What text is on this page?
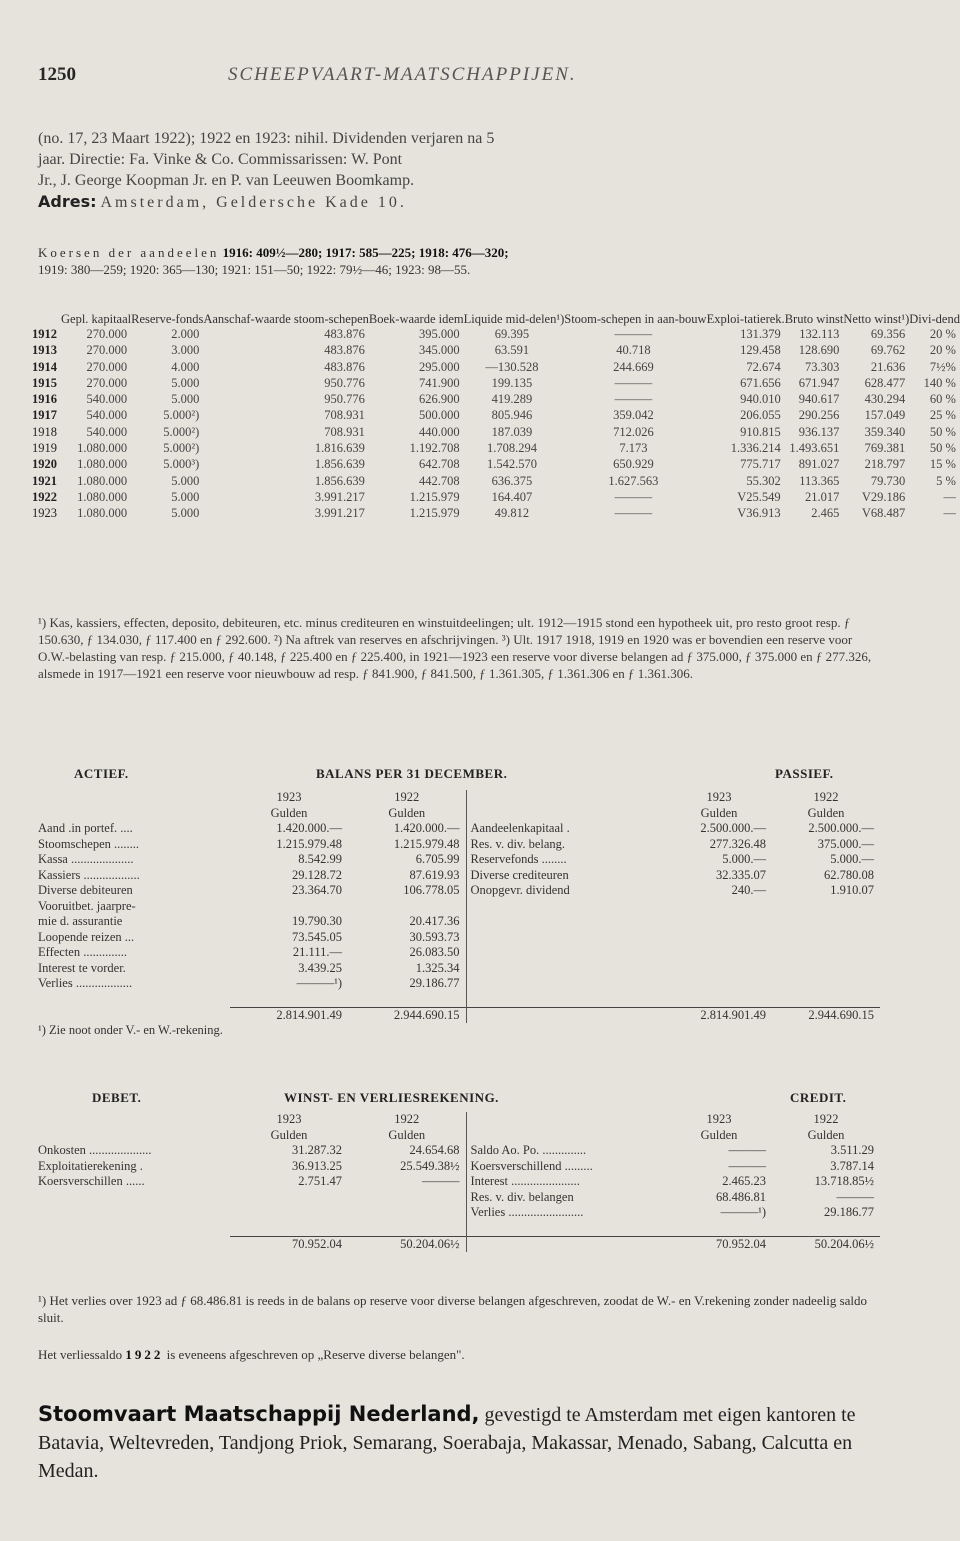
1250	SCHEEPVAART-MAATSCHAPPIJEN.
(no. 17, 23 Maart 1922); 1922 en 1923: nihil. Dividenden verjaren na 5
jaar. Directie: Fa. Vinke & Co. Commissarissen: W. Pont
Jr., J. George Koopman Jr. en P. van Leeuwen Boomkamp.
Adres: Amsterdam, Geldersche Kade 10.
Koersen der aandeelen 1916: 409½—280; 1917: 585—225; 1918: 476—320;
1919: 380—259; 1920: 365—130; 1921: 151—50; 1922: 79½—46; 1923: 98—55.
	Gepl. kapitaal	Reserve-fonds	Aanschaf-waarde stoom-schepen	Boek-waarde idem	Liquide mid-delen¹)	Stoom-schepen in aan-bouw	Exploi-tatierek.	Bruto winst	Netto winst¹)	Divi-dend
1912	270.000	2.000	483.876	395.000	69.395	———	131.379	132.113	69.356	20 %
1913	270.000	3.000	483.876	345.000	63.591	40.718	129.458	128.690	69.762	20 %
1914	270.000	4.000	483.876	295.000	—130.528	244.669	72.674	73.303	21.636	7½%
1915	270.000	5.000	950.776	741.900	199.135	———	671.656	671.947	628.477	140 %
1916	540.000	5.000	950.776	626.900	419.289	———	940.010	940.617	430.294	60 %
1917	540.000	5.000²)	708.931	500.000	805.946	359.042	206.055	290.256	157.049	25 %
1918	540.000	5.000²)	708.931	440.000	187.039	712.026	910.815	936.137	359.340	50 %
1919	1.080.000	5.000²)	1.816.639	1.192.708	1.708.294	7.173	1.336.214	1.493.651	769.381	50 %
1920	1.080.000	5.000³)	1.856.639	642.708	1.542.570	650.929	775.717	891.027	218.797	15 %
1921	1.080.000	5.000	1.856.639	442.708	636.375	1.627.563	55.302	113.365	79.730	5 %
1922	1.080.000	5.000	3.991.217	1.215.979	164.407	———	V25.549	21.017	V29.186	—
1923	1.080.000	5.000	3.991.217	1.215.979	49.812	———	V36.913	2.465	V68.487	—
¹) Kas, kassiers, effecten, deposito, debiteuren, etc. minus crediteuren en winstuitdeelingen; ult. 1912—1915 stond een hypotheek uit, pro resto groot resp. ƒ 150.630, ƒ 134.030, ƒ 117.400 en ƒ 292.600. ²) Na aftrek van reserves en afschrijvingen. ³) Ult. 1917 1918, 1919 en 1920 was er bovendien een reserve voor O.W.-belasting van resp. ƒ 215.000, ƒ 40.148, ƒ 225.400 en ƒ 225.400, in 1921—1923 een reserve voor diverse belangen ad ƒ 375.000, ƒ 375.000 en ƒ 277.326, alsmede in 1917—1921 een reserve voor nieuwbouw ad resp. ƒ 841.900, ƒ 841.500, ƒ 1.361.305, ƒ 1.361.306 en ƒ 1.361.306.
ACTIEF.	BALANS PER 31 DECEMBER.	PASSIEF.
	1923	1922		1923	1922
	Gulden	Gulden		Gulden	Gulden
Aand .in portef. ....	1.420.000.—	1.420.000.—	Aandeelenkapitaal .	2.500.000.—	2.500.000.—
Stoomschepen ........	1.215.979.48	1.215.979.48	Res. v. div. belang.	277.326.48	375.000.—
Kassa ....................	8.542.99	6.705.99	Reservefonds ........	5.000.—	5.000.—
Kassiers ..................	29.128.72	87.619.93	Diverse crediteuren	32.335.07	62.780.08
Diverse debiteuren	23.364.70	106.778.05	Onopgevr. dividend	240.—	1.910.07
Vooruitbet. jaarpre-					
mie d. assurantie	19.790.30	20.417.36			
Loopende reizen ...	73.545.05	30.593.73			
Effecten ..............	21.111.—	26.083.50			
Interest te vorder.	3.439.25	1.325.34			
Verlies ..................	———¹)	29.186.77			

	2.814.901.49	2.944.690.15		2.814.901.49	2.944.690.15
¹) Zie noot onder V.- en W.-rekening.					
DEBET.	WINST- EN VERLIESREKENING.	CREDIT.
	1923	1922		1923	1922
	Gulden	Gulden		Gulden	Gulden
Onkosten ....................	31.287.32	24.654.68	Saldo Ao. Po. ..............	———	3.511.29
Exploitatierekening .	36.913.25	25.549.38½	Koersverschillend .........	———	3.787.14
Koersverschillen ......	2.751.47	———	Interest ......................	2.465.23	13.718.85½
			Res. v. div. belangen	68.486.81	———
			Verlies ........................	———¹)	29.186.77

	70.952.04	50.204.06½		70.952.04	50.204.06½
¹) Het verlies over 1923 ad ƒ 68.486.81 is reeds in de balans op reserve voor diverse belangen afgeschreven, zoodat de W.- en V.rekening zonder nadeelig saldo sluit.
Het verliessaldo 1922 is eveneens afgeschreven op „Reserve diverse belangen".
Stoomvaart Maatschappij Nederland, gevestigd te Amsterdam met eigen kantoren te Batavia, Weltevreden, Tandjong Priok, Semarang, Soerabaja, Makassar, Menado, Sabang, Calcutta en Medan.
